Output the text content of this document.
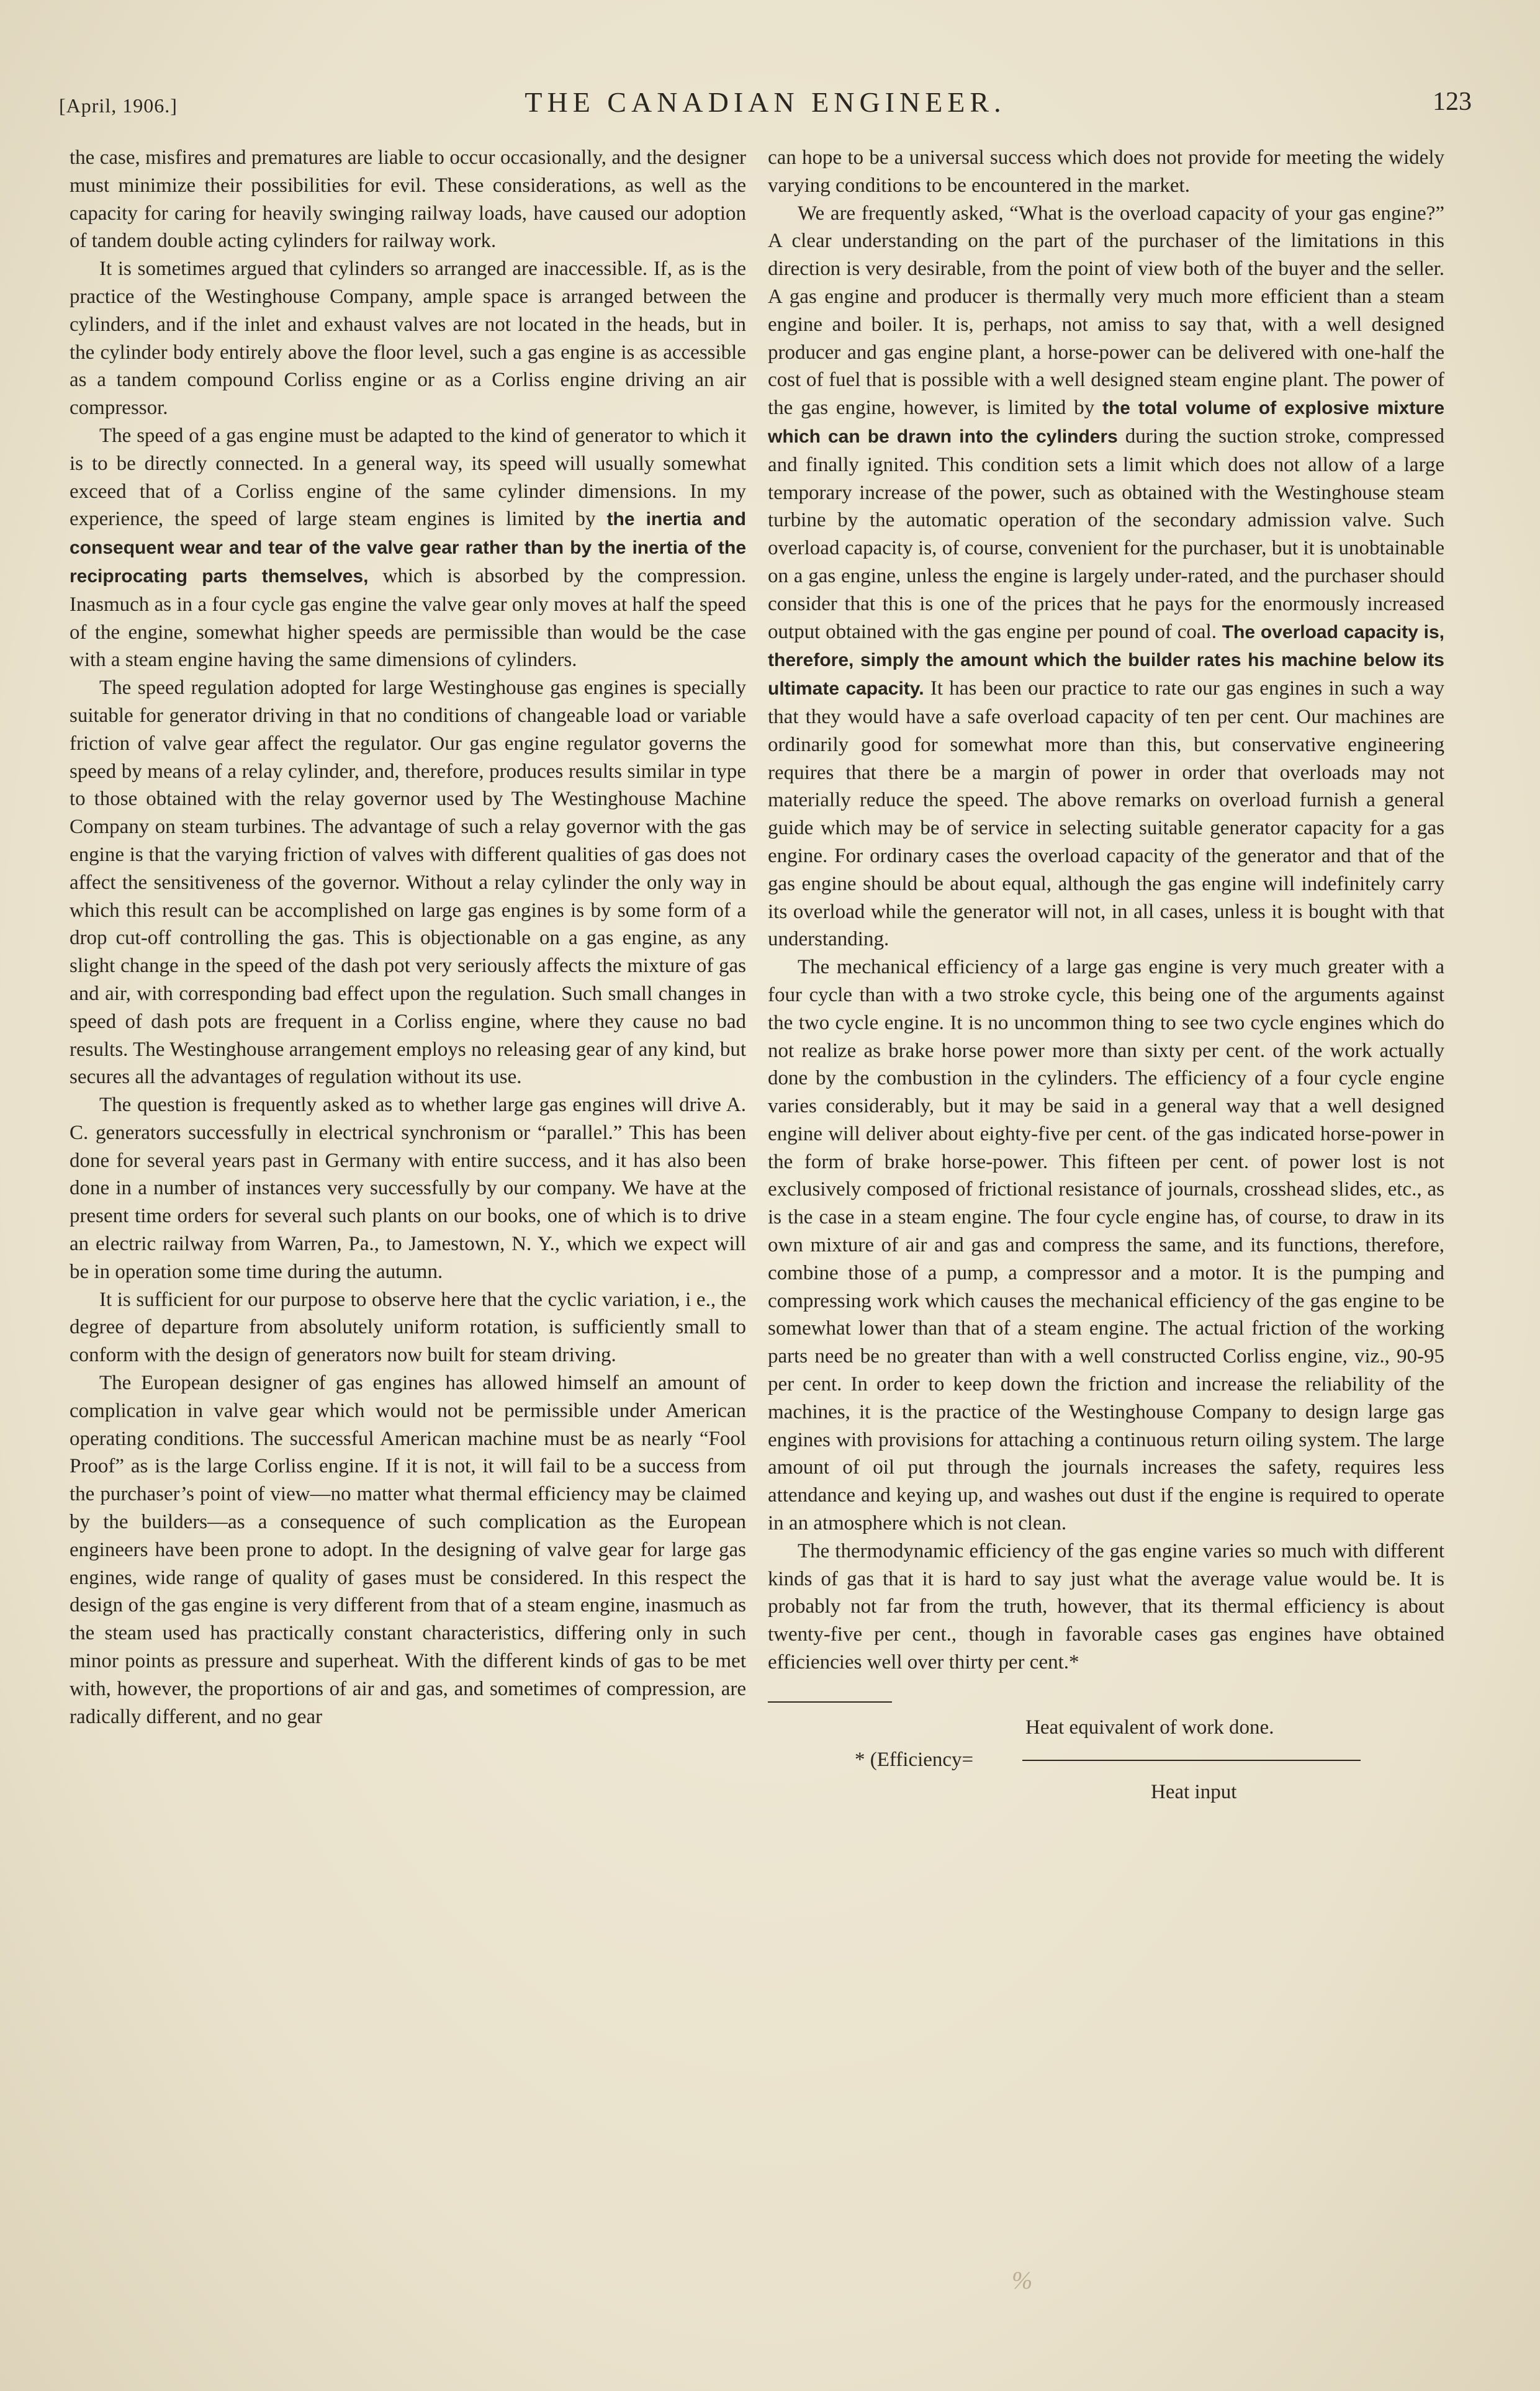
[April, 1906.]	THE CANADIAN ENGINEER.	123

the case, misfires and prematures are liable to occur occasionally, and the designer must minimize their possibilities for evil. These considerations, as well as the capacity for caring for heavily swinging railway loads, have caused our adoption of tandem double acting cylinders for railway work.

It is sometimes argued that cylinders so arranged are inaccessible. If, as is the practice of the Westinghouse Company, ample space is arranged between the cylinders, and if the inlet and exhaust valves are not located in the heads, but in the cylinder body entirely above the floor level, such a gas engine is as accessible as a tandem compound Corliss engine or as a Corliss engine driving an air compressor.

The speed of a gas engine must be adapted to the kind of generator to which it is to be directly connected. In a general way, its speed will usually somewhat exceed that of a Corliss engine of the same cylinder dimensions. In my experience, the speed of large steam engines is limited by the inertia and consequent wear and tear of the valve gear rather than by the inertia of the reciprocating parts themselves, which is absorbed by the compression. Inasmuch as in a four cycle gas engine the valve gear only moves at half the speed of the engine, somewhat higher speeds are permissible than would be the case with a steam engine having the same dimensions of cylinders.

The speed regulation adopted for large Westinghouse gas engines is specially suitable for generator driving in that no conditions of changeable load or variable friction of valve gear affect the regulator. Our gas engine regulator governs the speed by means of a relay cylinder, and, therefore, produces results similar in type to those obtained with the relay governor used by The Westinghouse Machine Company on steam turbines. The advantage of such a relay governor with the gas engine is that the varying friction of valves with different qualities of gas does not affect the sensitiveness of the governor. Without a relay cylinder the only way in which this result can be accomplished on large gas engines is by some form of a drop cut-off controlling the gas. This is objectionable on a gas engine, as any slight change in the speed of the dash pot very seriously affects the mixture of gas and air, with corresponding bad effect upon the regulation. Such small changes in speed of dash pots are frequent in a Corliss engine, where they cause no bad results. The Westinghouse arrangement employs no releasing gear of any kind, but secures all the advantages of regulation without its use.

The question is frequently asked as to whether large gas engines will drive A. C. generators successfully in electrical synchronism or “parallel.” This has been done for several years past in Germany with entire success, and it has also been done in a number of instances very successfully by our company. We have at the present time orders for several such plants on our books, one of which is to drive an electric railway from Warren, Pa., to Jamestown, N. Y., which we expect will be in operation some time during the autumn.

It is sufficient for our purpose to observe here that the cyclic variation, i e., the degree of departure from absolutely uniform rotation, is sufficiently small to conform with the design of generators now built for steam driving.

The European designer of gas engines has allowed himself an amount of complication in valve gear which would not be permissible under American operating conditions. The successful American machine must be as nearly “Fool Proof” as is the large Corliss engine. If it is not, it will fail to be a success from the purchaser’s point of view—no matter what thermal efficiency may be claimed by the builders—as a consequence of such complication as the European engineers have been prone to adopt. In the designing of valve gear for large gas engines, wide range of quality of gases must be considered. In this respect the design of the gas engine is very different from that of a steam engine, inasmuch as the steam used has practically constant characteristics, differing only in such minor points as pressure and superheat. With the different kinds of gas to be met with, however, the proportions of air and gas, and sometimes of compression, are radically different, and no gear

can hope to be a universal success which does not provide for meeting the widely varying conditions to be encountered in the market.

We are frequently asked, “What is the overload capacity of your gas engine?” A clear understanding on the part of the purchaser of the limitations in this direction is very desirable, from the point of view both of the buyer and the seller. A gas engine and producer is thermally very much more efficient than a steam engine and boiler. It is, perhaps, not amiss to say that, with a well designed producer and gas engine plant, a horse-power can be delivered with one-half the cost of fuel that is possible with a well designed steam engine plant. The power of the gas engine, however, is limited by the total volume of explosive mixture which can be drawn into the cylinders during the suction stroke, compressed and finally ignited. This condition sets a limit which does not allow of a large temporary increase of the power, such as obtained with the Westinghouse steam turbine by the automatic operation of the secondary admission valve. Such overload capacity is, of course, convenient for the purchaser, but it is unobtainable on a gas engine, unless the engine is largely under-rated, and the purchaser should consider that this is one of the prices that he pays for the enormously increased output obtained with the gas engine per pound of coal. The overload capacity is, therefore, simply the amount which the builder rates his machine below its ultimate capacity. It has been our practice to rate our gas engines in such a way that they would have a safe overload capacity of ten per cent. Our machines are ordinarily good for somewhat more than this, but conservative engineering requires that there be a margin of power in order that overloads may not materially reduce the speed. The above remarks on overload furnish a general guide which may be of service in selecting suitable generator capacity for a gas engine. For ordinary cases the overload capacity of the generator and that of the gas engine should be about equal, although the gas engine will indefinitely carry its overload while the generator will not, in all cases, unless it is bought with that understanding.

The mechanical efficiency of a large gas engine is very much greater with a four cycle than with a two stroke cycle, this being one of the arguments against the two cycle engine. It is no uncommon thing to see two cycle engines which do not realize as brake horse power more than sixty per cent. of the work actually done by the combustion in the cylinders. The efficiency of a four cycle engine varies considerably, but it may be said in a general way that a well designed engine will deliver about eighty-five per cent. of the gas indicated horse-power in the form of brake horse-power. This fifteen per cent. of power lost is not exclusively composed of frictional resistance of journals, crosshead slides, etc., as is the case in a steam engine. The four cycle engine has, of course, to draw in its own mixture of air and gas and compress the same, and its functions, therefore, combine those of a pump, a compressor and a motor. It is the pumping and compressing work which causes the mechanical efficiency of the gas engine to be somewhat lower than that of a steam engine. The actual friction of the working parts need be no greater than with a well constructed Corliss engine, viz., 90-95 per cent. In order to keep down the friction and increase the reliability of the machines, it is the practice of the Westinghouse Company to design large gas engines with provisions for attaching a continuous return oiling system. The large amount of oil put through the journals increases the safety, requires less attendance and keying up, and washes out dust if the engine is required to operate in an atmosphere which is not clean.

The thermodynamic efficiency of the gas engine varies so much with different kinds of gas that it is hard to say just what the average value would be. It is probably not far from the truth, however, that its thermal efficiency is about twenty-five per cent., though in favorable cases gas engines have obtained efficiencies well over thirty per cent.*

Heat equivalent of work done.
* (Efficiency=
Heat input
%
